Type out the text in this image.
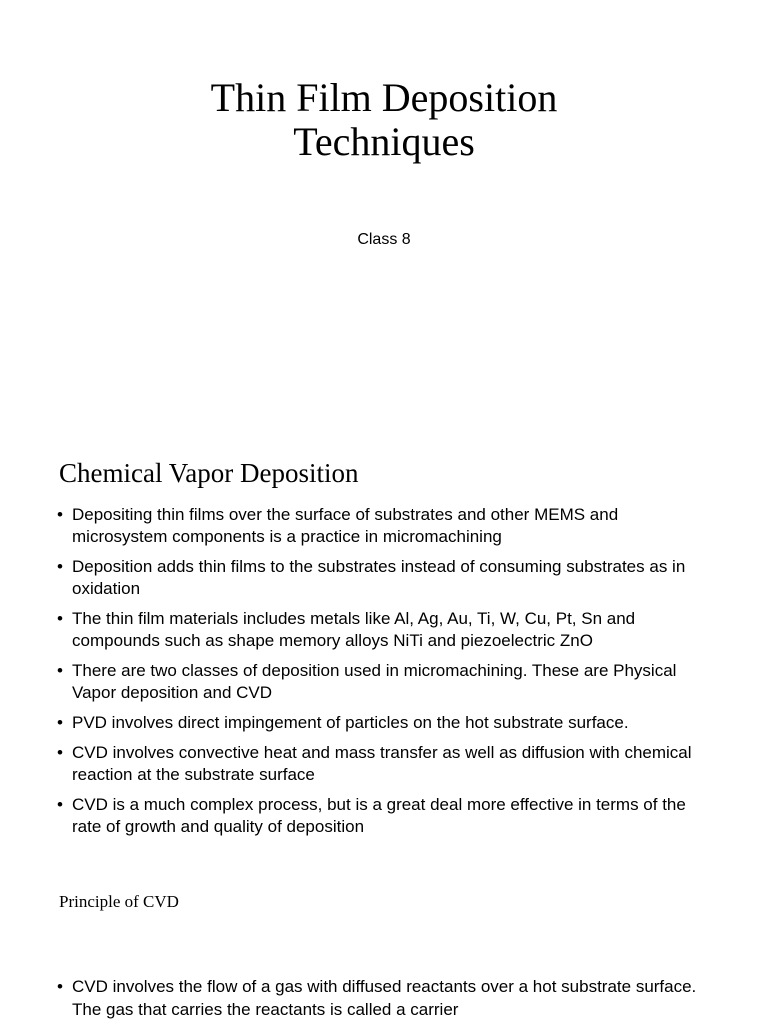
Thin Film Deposition
Techniques

Class 8

Chemical Vapor Deposition
• Depositing thin films over the surface of substrates and other MEMS and microsystem components is a practice in micromachining
• Deposition adds thin films to the substrates instead of consuming substrates as in oxidation
• The thin film materials includes metals like Al, Ag, Au, Ti, W, Cu, Pt, Sn and compounds such as shape memory alloys NiTi and piezoelectric ZnO
• There are two classes of deposition used in micromachining. These are Physical Vapor deposition and CVD
• PVD involves direct impingement of particles on the hot substrate surface.
• CVD involves convective heat and mass transfer as well as diffusion with chemical reaction at the substrate surface
• CVD is a much complex process, but is a great deal more effective in terms of the rate of growth and quality of deposition
Principle of CVD
• CVD involves the flow of a gas with diffused reactants over a hot substrate surface. The gas that carries the reactants is called a carrier
